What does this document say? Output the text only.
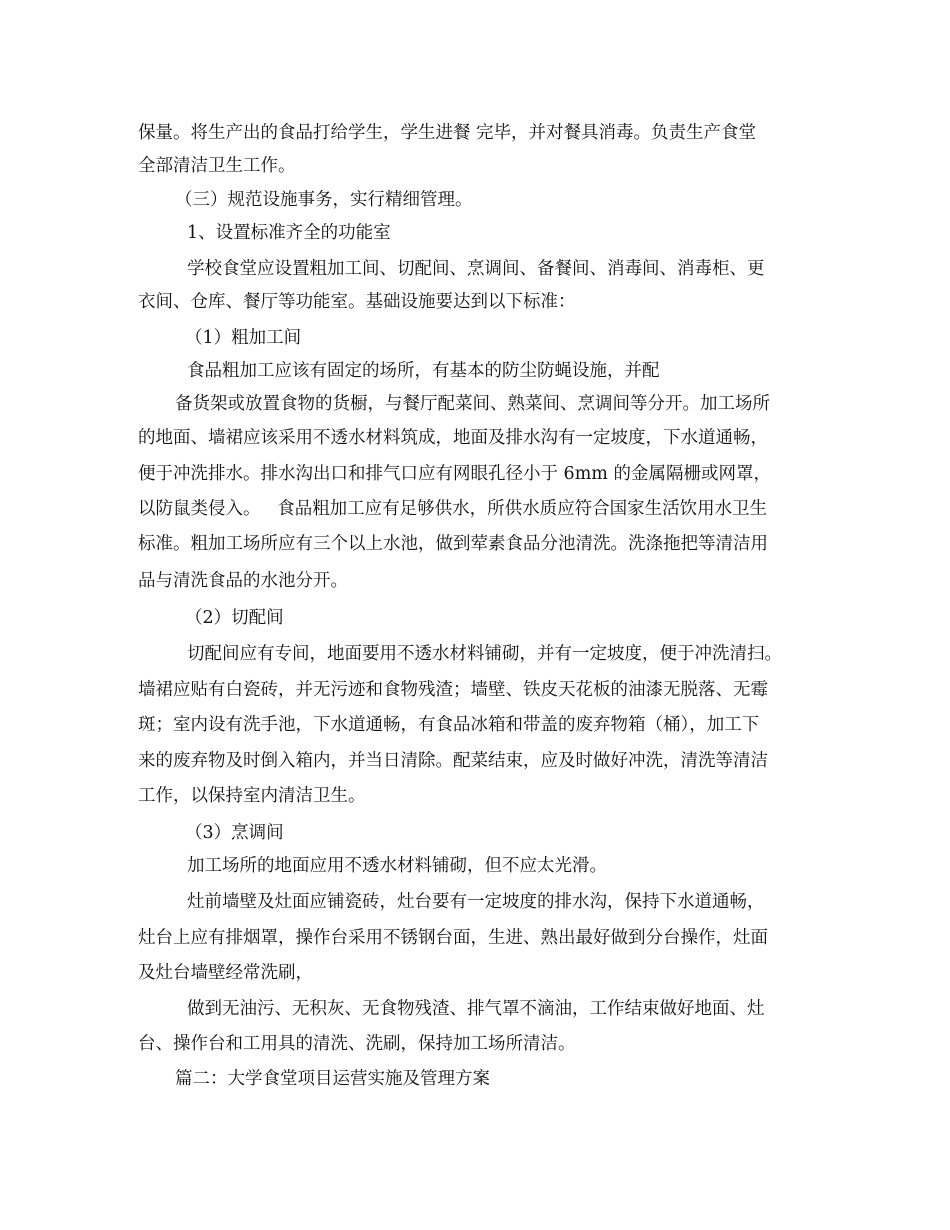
保量。将生产出的食品打给学生，学生进餐 完毕，并对餐具消毒。负责生产食堂
全部清洁卫生工作。
（三）规范设施事务，实行精细管理。
1、设置标准齐全的功能室
学校食堂应设置粗加工间、切配间、烹调间、备餐间、消毒间、消毒柜、更
衣间、仓库、餐厅等功能室。基础设施要达到以下标准：
（1）粗加工间
食品粗加工应该有固定的场所，有基本的防尘防蝇设施，并配
备货架或放置食物的货橱，与餐厅配菜间、熟菜间、烹调间等分开。加工场所
的地面、墙裙应该采用不透水材料筑成，地面及排水沟有一定坡度，下水道通畅，
便于冲洗排水。排水沟出口和排气口应有网眼孔径小于 6mm 的金属隔栅或网罩，
以防鼠类侵入。   食品粗加工应有足够供水，所供水质应符合国家生活饮用水卫生
标准。粗加工场所应有三个以上水池，做到荤素食品分池清洗。洗涤拖把等清洁用
品与清洗食品的水池分开。
（2）切配间
切配间应有专间，地面要用不透水材料铺砌，并有一定坡度，便于冲洗清扫。
墙裙应贴有白瓷砖，并无污迹和食物残渣；墙壁、铁皮天花板的油漆无脱落、无霉
斑；室内设有洗手池，下水道通畅，有食品冰箱和带盖的废弃物箱（桶），加工下
来的废弃物及时倒入箱内，并当日清除。配菜结束，应及时做好冲洗，清洗等清洁
工作，以保持室内清洁卫生。
（3）烹调间
加工场所的地面应用不透水材料铺砌，但不应太光滑。
灶前墙壁及灶面应铺瓷砖，灶台要有一定坡度的排水沟，保持下水道通畅，
灶台上应有排烟罩，操作台采用不锈钢台面，生进、熟出最好做到分台操作，灶面
及灶台墙壁经常洗刷，
做到无油污、无积灰、无食物残渣、排气罩不滴油，工作结束做好地面、灶
台、操作台和工用具的清洗、洗刷，保持加工场所清洁。
篇二：大学食堂项目运营实施及管理方案
